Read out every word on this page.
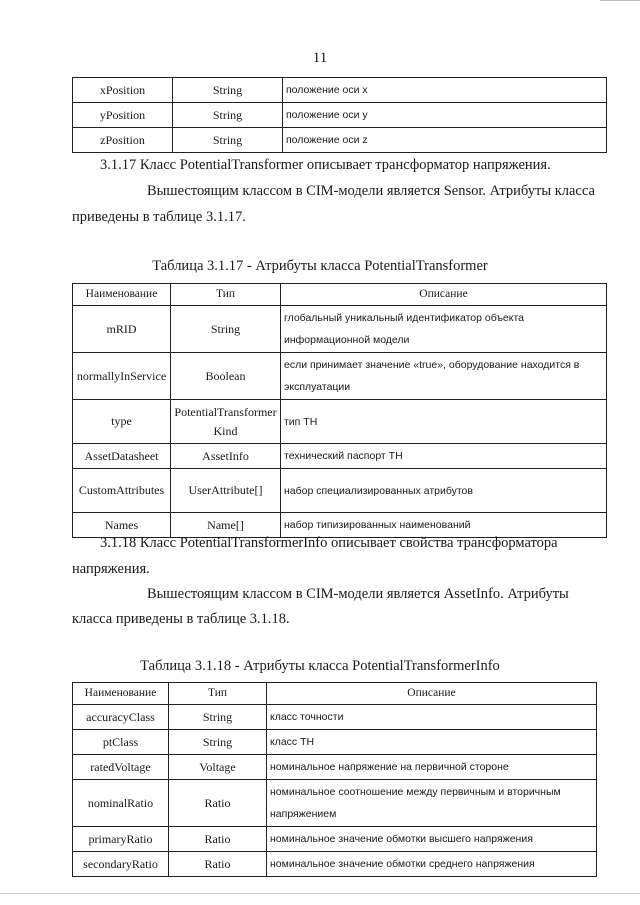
11
xPosition	String	положение оси x
yPosition	String	положение оси y
zPosition	String	положение оси z

3.1.17 Класс PotentialTransformer описывает трансформатор напряжения.

Вышестоящим классом в CIM-модели является Sensor. Атрибуты класса

приведены в таблице 3.1.17.

Таблица 3.1.17 - Атрибуты класса PotentialTransformer

Наименование	Тип	Описание
mRID	String	глобальный уникальный идентификатор объекта информационной модели
normallyInService	Boolean	если принимает значение «true», оборудование находится в эксплуатации
type	PotentialTransformerKind	тип ТН
AssetDatasheet	AssetInfo	технический паспорт ТН
CustomAttributes	UserAttribute[]	набор специализированных атрибутов
Names	Name[]	набор типизированных наименований

3.1.18 Класс PotentialTransformerInfo описывает свойства трансформатора

напряжения.

Вышестоящим классом в CIM-модели является AssetInfo. Атрибуты

класса приведены в таблице 3.1.18.

Таблица 3.1.18 - Атрибуты класса PotentialTransformerInfo

Наименование	Тип	Описание
accuracyClass	String	класс точности
ptClass	String	класс ТН
ratedVoltage	Voltage	номинальное напряжение на первичной стороне
nominalRatio	Ratio	номинальное соотношение между первичным и вторичным напряжением
primaryRatio	Ratio	номинальное значение обмотки высшего напряжения
secondaryRatio	Ratio	номинальное значение обмотки среднего напряжения
